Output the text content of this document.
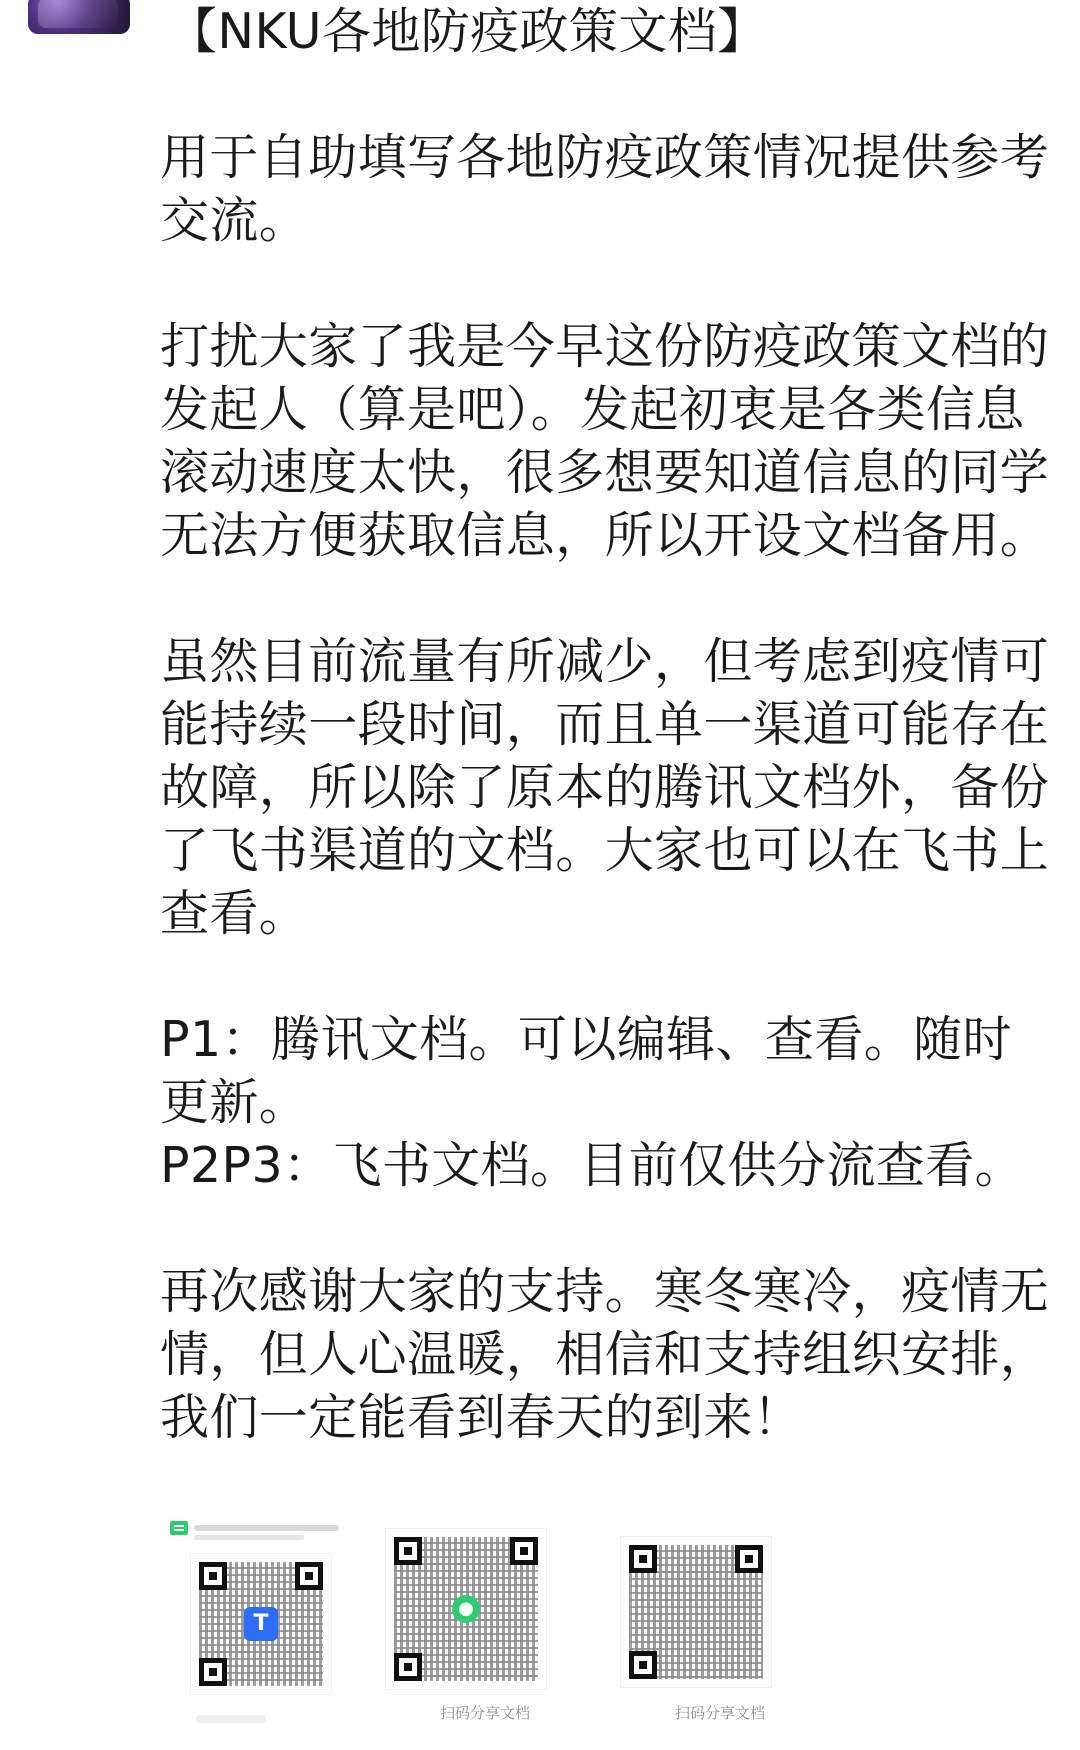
【NKU各地防疫政策文档】

用于自助填写各地防疫政策情况提供参考交流。

打扰大家了我是今早这份防疫政策文档的发起人（算是吧）。发起初衷是各类信息滚动速度太快，很多想要知道信息的同学无法方便获取信息，所以开设文档备用。

虽然目前流量有所减少，但考虑到疫情可能持续一段时间，而且单一渠道可能存在故障，所以除了原本的腾讯文档外，备份了飞书渠道的文档。大家也可以在飞书上查看。

P1：腾讯文档。可以编辑、查看。随时更新。

P2P3：飞书文档。目前仅供分流查看。

再次感谢大家的支持。寒冬寒冷，疫情无情，但人心温暖，相信和支持组织安排，我们一定能看到春天的到来！

T
●
扫码分享文档	扫码分享文档
